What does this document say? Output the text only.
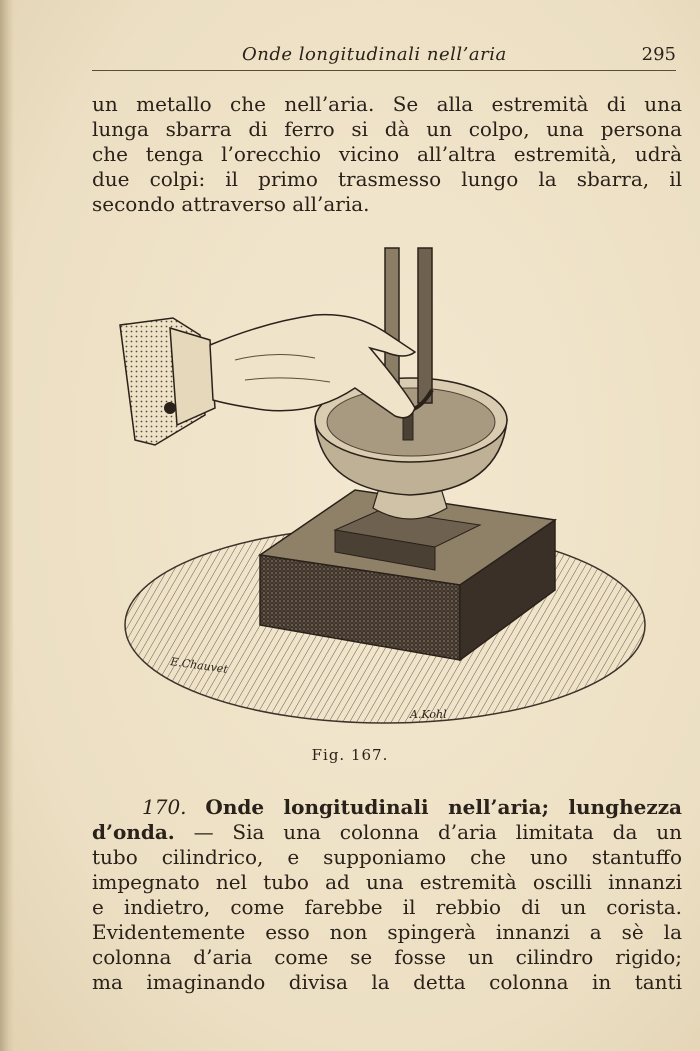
Onde longitudinali nell’aria	295

un metallo che nell’aria. Se alla estremità di una
lunga sbarra di ferro si dà un colpo, una persona
che tenga l’orecchio vicino all’altra estremità, udrà
due colpi: il primo trasmesso lungo la sbarra, il
secondo attraverso all’aria.

E.Chauvet
A.Kohl
Fig. 167.

170. Onde longitudinali nell’aria; lunghezza
d’onda. — Sia una colonna d’aria limitata da un
tubo cilindrico, e supponiamo che uno stantuffo
impegnato nel tubo ad una estremità oscilli innanzi
e indietro, come farebbe il rebbio di un corista.
Evidentemente esso non spingerà innanzi a sè la
colonna d’aria come se fosse un cilindro rigido;
ma imaginando divisa la detta colonna in tanti
